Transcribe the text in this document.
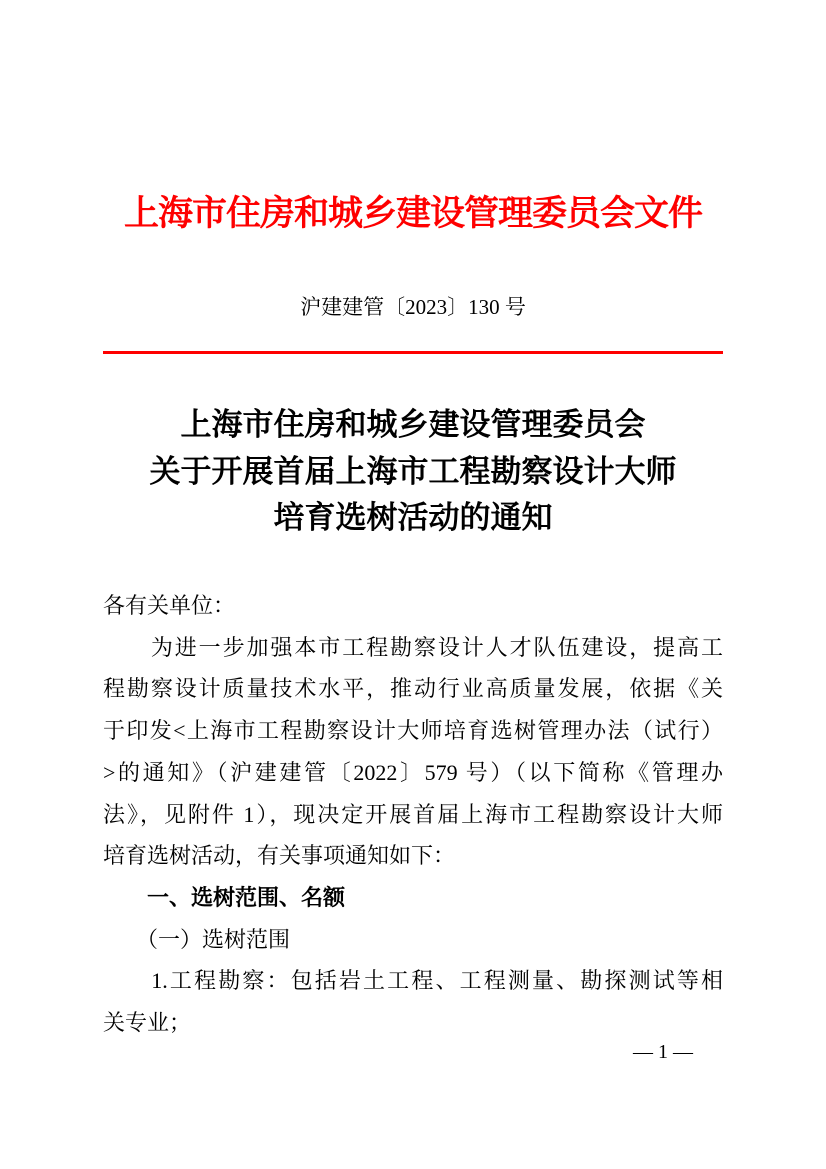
上海市住房和城乡建设管理委员会文件
沪建建管〔2023〕130 号
上海市住房和城乡建设管理委员会
关于开展首届上海市工程勘察设计大师
培育选树活动的通知
各有关单位：
　　为进一步加强本市工程勘察设计人才队伍建设，提高工
程勘察设计质量技术水平，推动行业高质量发展，依据《关
于印发<上海市工程勘察设计大师培育选树管理办法（试行）
>的通知》（沪建建管〔2022〕579 号）（以下简称《管理办
法》，见附件 1），现决定开展首届上海市工程勘察设计大师
培育选树活动，有关事项通知如下：
　　一、选树范围、名额
　　（一）选树范围
　　1.工程勘察：包括岩土工程、工程测量、勘探测试等相
关专业；
— 1 —
